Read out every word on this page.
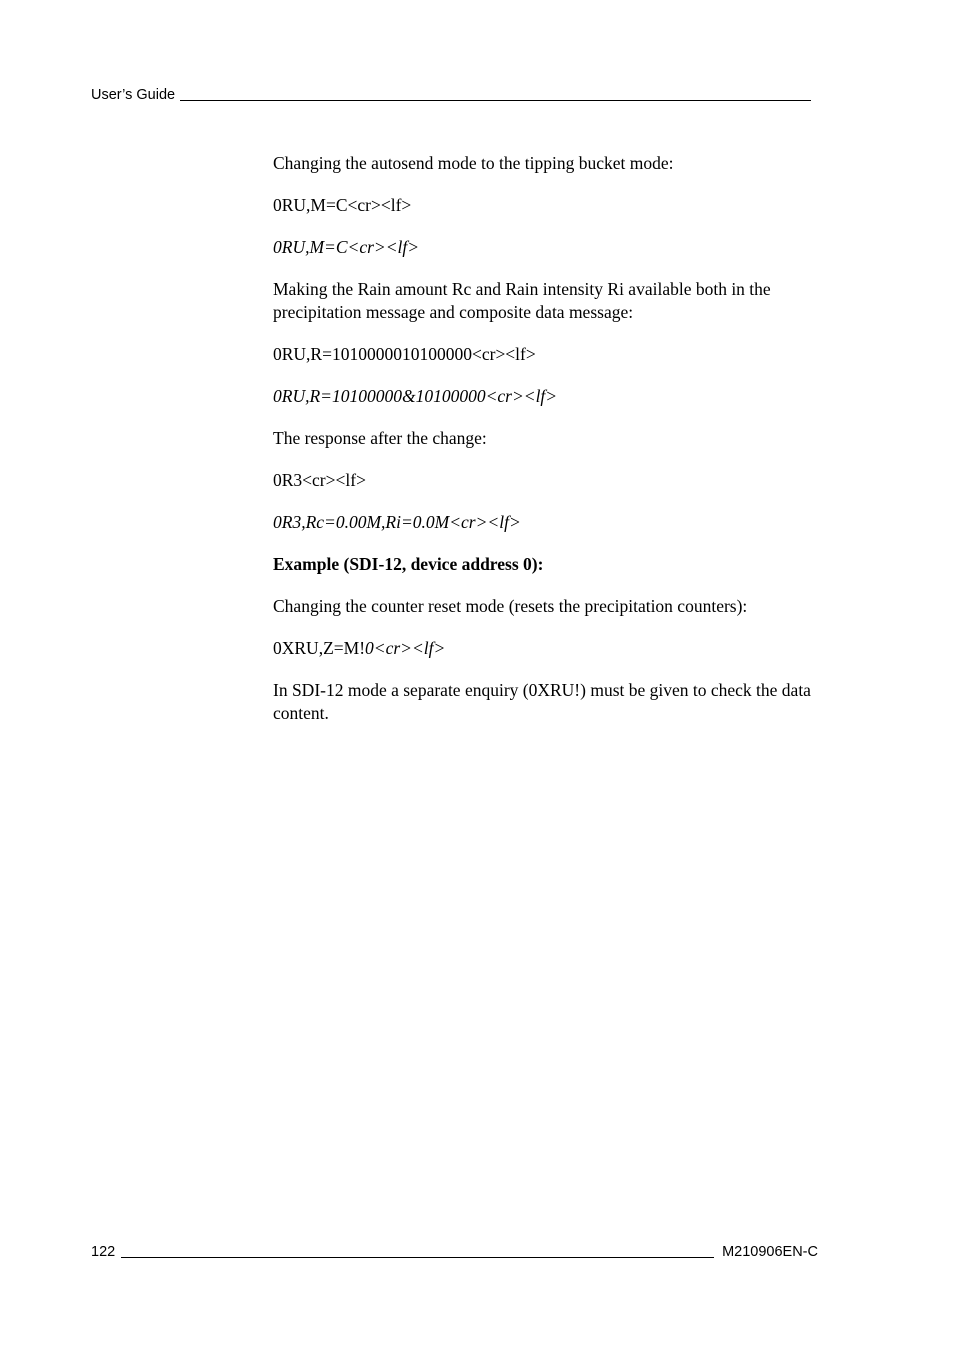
User’s Guide

Changing the autosend mode to the tipping bucket mode:

0RU,M=C<cr><lf>

0RU,M=C<cr><lf>

Making the Rain amount Rc and Rain intensity Ri available both in the precipitation message and composite data message:

0RU,R=1010000010100000<cr><lf>

0RU,R=10100000&10100000<cr><lf>

The response after the change:

0R3<cr><lf>

0R3,Rc=0.00M,Ri=0.0M<cr><lf>

Example (SDI-12, device address 0):

Changing the counter reset mode (resets the precipitation counters):

0XRU,Z=M!0<cr><lf>

In SDI-12 mode a separate enquiry (0XRU!) must be given to check the data content.

122	M210906EN-C
